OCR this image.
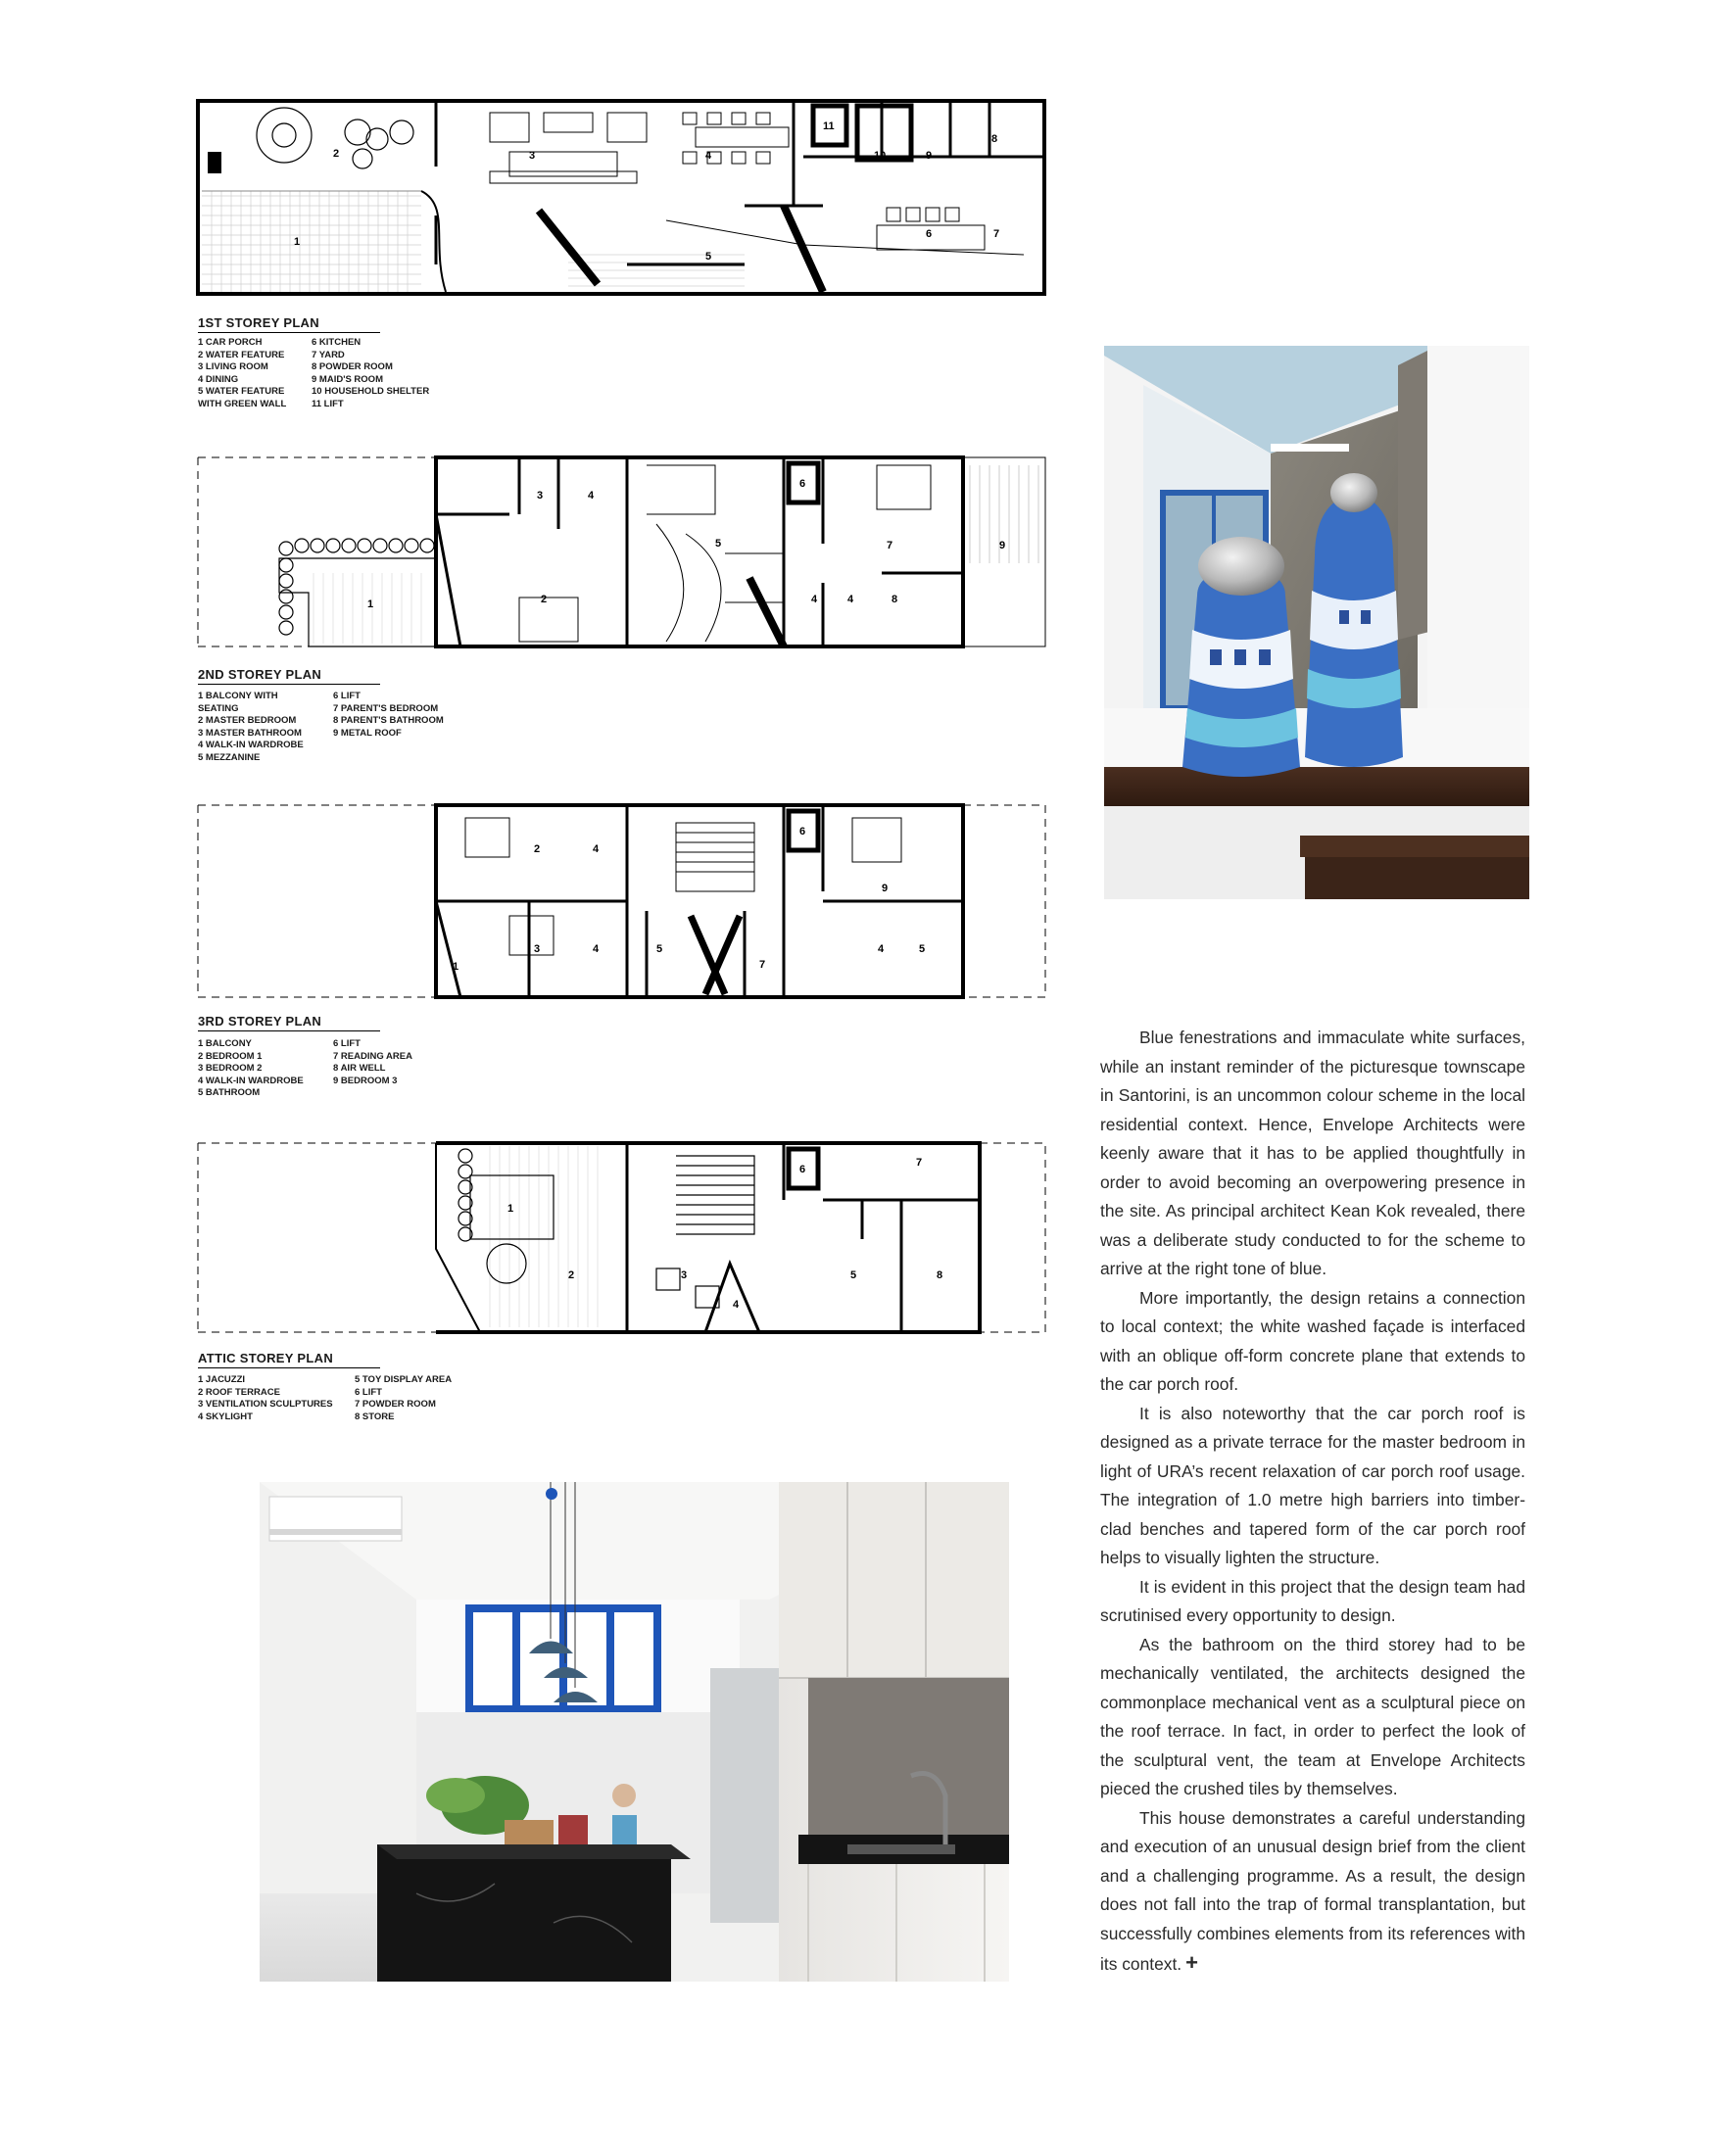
1
2	3	4
5
6	7
8
9
10
11
1ST STOREY PLAN
1 CAR PORCH
2 WATER FEATURE
3 LIVING ROOM
4 DINING
5 WATER FEATURE
WITH GREEN WALL
6 KITCHEN
7 YARD
8 POWDER ROOM
9 MAID'S ROOM
10 HOUSEHOLD SHELTER
11 LIFT
1	2
3	4
5
6
7
4	4	8
9
2ND STOREY PLAN
1 BALCONY WITH
SEATING
2 MASTER BEDROOM
3 MASTER BATHROOM
4 WALK-IN WARDROBE
5 MEZZANINE
6 LIFT
7 PARENT'S BEDROOM
8 PARENT'S BATHROOM
9 METAL ROOF
2	4
6
9
1
3	4	5
8	7
4	5
3RD STOREY PLAN
1 BALCONY
2 BEDROOM 1
3 BEDROOM 2
4 WALK-IN WARDROBE
5 BATHROOM
6 LIFT
7 READING AREA
8 AIR WELL
9 BEDROOM 3
1
2	3
4
5
6
7
8
ATTIC STOREY PLAN
1 JACUZZI
2 ROOF TERRACE
3 VENTILATION SCULPTURES
4 SKYLIGHT
5 TOY DISPLAY AREA
6 LIFT
7 POWDER ROOM
8 STORE

Blue fenestrations and immaculate white surfaces, while an instant reminder of the picturesque townscape in Santorini, is an uncommon colour scheme in the local residential context. Hence, Envelope Architects were keenly aware that it has to be applied thoughtfully in order to avoid becoming an overpowering presence in the site. As principal architect Kean Kok revealed, there was a deliberate study conducted to for the scheme to arrive at the right tone of blue.

More importantly, the design retains a connection to local context; the white washed façade is interfaced with an oblique off-form concrete plane that extends to the car porch roof.

It is also noteworthy that the car porch roof is designed as a private terrace for the master bedroom in light of URA’s recent relaxation of car porch roof usage. The integration of 1.0 metre high barriers into timber-clad benches and tapered form of the car porch roof helps to visually lighten the structure.

It is evident in this project that the design team had scrutinised every opportunity to design.

As the bathroom on the third storey had to be mechanically ventilated, the architects designed the commonplace mechanical vent as a sculptural piece on the roof terrace. In fact, in order to perfect the look of the sculptural vent, the team at Envelope Architects pieced the crushed tiles by themselves.

This house demonstrates a careful understanding and execution of an unusual design brief from the client and a challenging programme. As a result, the design does not fall into the trap of formal transplantation, but successfully combines elements from its references with its context. +
